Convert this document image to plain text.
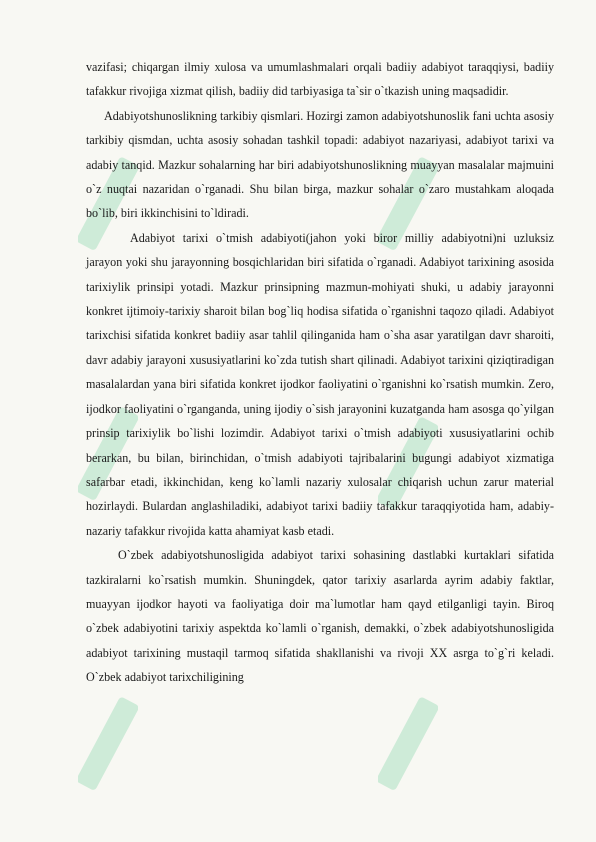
vazifasi; chiqargan ilmiy xulosa va umumlashmalari orqali badiiy adabiyot taraqqiysi, badiiy tafakkur rivojiga xizmat qilish, badiiy did tarbiyasiga ta`sir o`tkazish uning maqsadidir.

Adabiyotshunoslikning tarkibiy qismlari. Hozirgi zamon adabiyotshunoslik fani uchta asosiy tarkibiy qismdan, uchta asosiy sohadan tashkil topadi: adabiyot nazariyasi, adabiyot tarixi va adabiy tanqid. Mazkur sohalarning har biri adabiyotshunoslikning muayyan masalalar majmuini o`z nuqtai nazaridan o`rganadi. Shu bilan birga, mazkur sohalar o`zaro mustahkam aloqada bo`lib, biri ikkinchisini to`ldiradi.

Adabiyot tarixi o`tmish adabiyoti(jahon yoki biror milliy adabiyotni)ni uzluksiz jarayon yoki shu jarayonning bosqichlaridan biri sifatida o`rganadi. Adabiyot tarixining asosida tarixiylik prinsipi yotadi. Mazkur prinsipning mazmun-mohiyati shuki, u adabiy jarayonni konkret ijtimoiy-tarixiy sharoit bilan bog`liq hodisa sifatida o`rganishni taqozo qiladi. Adabiyot tarixchisi sifatida konkret badiiy asar tahlil qilinganida ham o`sha asar yaratilgan davr sharoiti, davr adabiy jarayoni xususiyatlarini ko`zda tutish shart qilinadi. Adabiyot tarixini qiziqtiradigan masalalardan yana biri sifatida konkret ijodkor faoliyatini o`rganishni ko`rsatish mumkin. Zero, ijodkor faoliyatini o`rganganda, uning ijodiy o`sish jarayonini kuzatganda ham asosga qo`yilgan prinsip tarixiylik bo`lishi lozimdir. Adabiyot tarixi o`tmish adabiyoti xususiyatlarini ochib berarkan, bu bilan, birinchidan, o`tmish adabiyoti tajribalarini bugungi adabiyot xizmatiga safarbar etadi, ikkinchidan, keng ko`lamli nazariy xulosalar chiqarish uchun zarur material hozirlaydi. Bulardan anglashiladiki, adabiyot tarixi badiiy tafakkur taraqqiyotida ham, adabiy-nazariy tafakkur rivojida katta ahamiyat kasb etadi.

O`zbek adabiyotshunosligida adabiyot tarixi sohasining dastlabki kurtaklari sifatida tazkiralarni ko`rsatish mumkin. Shuningdek, qator tarixiy asarlarda ayrim adabiy faktlar, muayyan ijodkor hayoti va faoliyatiga doir ma`lumotlar ham qayd etilganligi tayin. Biroq o`zbek adabiyotini tarixiy aspektda ko`lamli o`rganish, demakki, o`zbek adabiyotshunosligida adabiyot tarixining mustaqil tarmoq sifatida shakllanishi va rivoji XX asrga to`g`ri keladi. O`zbek adabiyot tarixchiligining
